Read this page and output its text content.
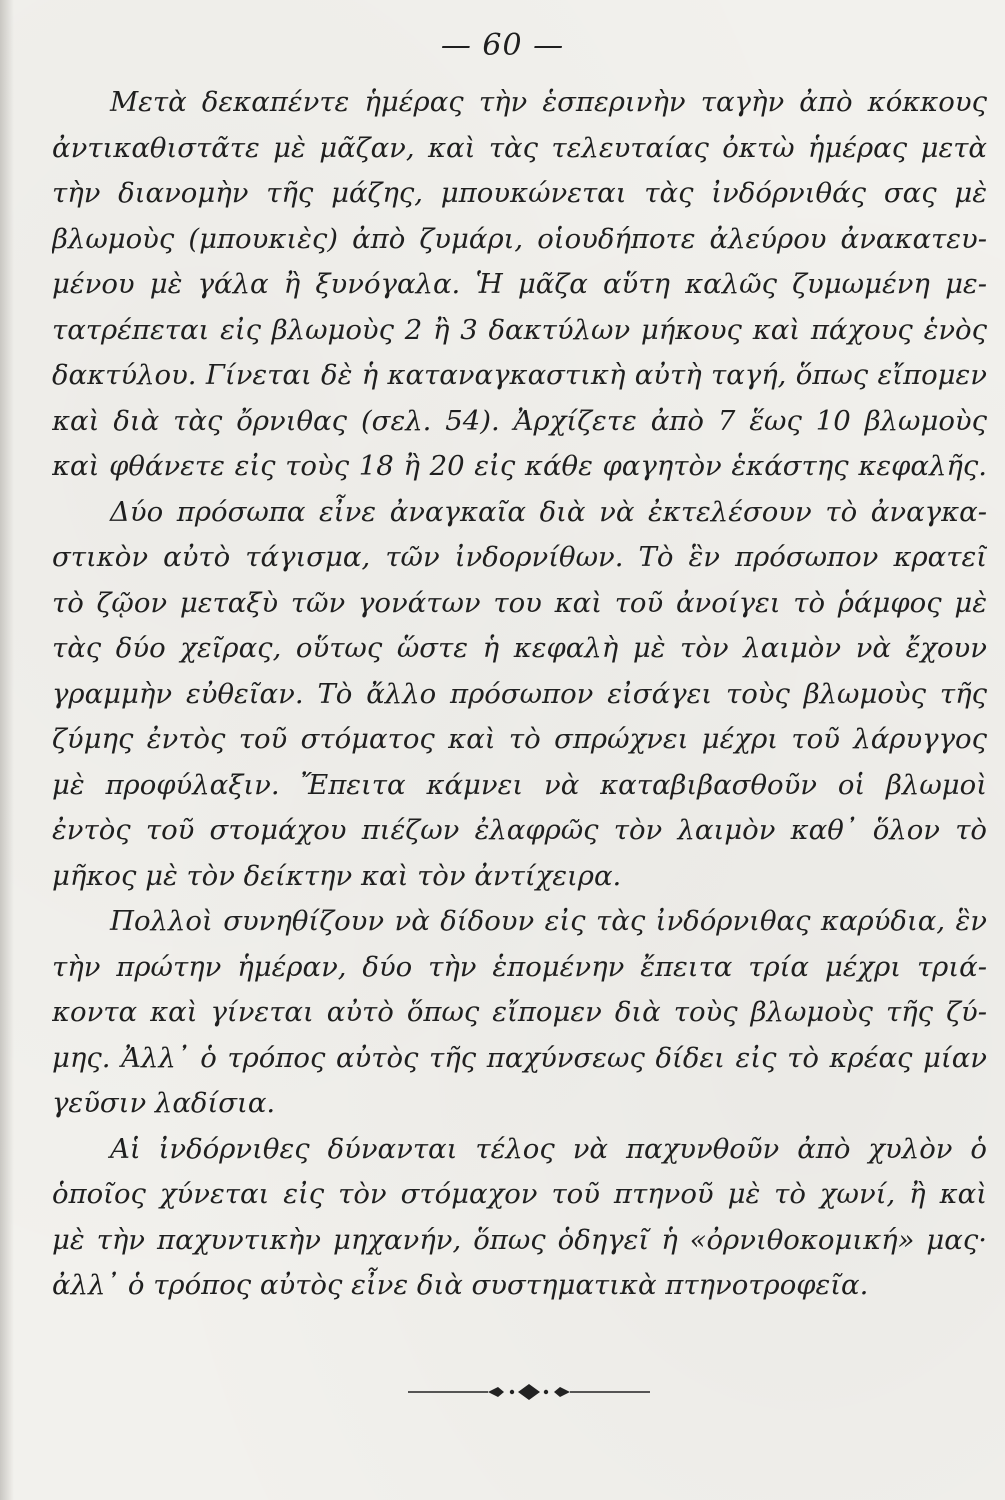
— 60 —
Μετὰ δεκαπέντε ἡμέρας τὴν ἑσπερινὴν ταγὴν ἀπὸ κόκκους
ἀντικαθιστᾶτε μὲ μᾶζαν, καὶ τὰς τελευταίας ὀκτὼ ἡμέρας μετὰ
τὴν διανομὴν τῆς μάζης, μπουκώνεται τὰς ἰνδόρνιθάς σας μὲ
βλωμοὺς (μπουκιὲς) ἀπὸ ζυμάρι, οἱουδήποτε ἀλεύρου ἀνακατευ-
μένου μὲ γάλα ἢ ξυνόγαλα. Ἡ μᾶζα αὕτη καλῶς ζυμωμένη με-
τατρέπεται εἰς βλωμοὺς 2 ἢ 3 δακτύλων μήκους καὶ πάχους ἑνὸς
δακτύλου. Γίνεται δὲ ἡ καταναγκαστικὴ αὐτὴ ταγή, ὅπως εἴπομεν
καὶ διὰ τὰς ὄρνιθας (σελ. 54). Ἀρχίζετε ἀπὸ 7 ἕως 10 βλωμοὺς
καὶ φθάνετε εἰς τοὺς 18 ἢ 20 εἰς κάθε φαγητὸν ἑκάστης κεφαλῆς.
Δύο πρόσωπα εἶνε ἀναγκαῖα διὰ νὰ ἐκτελέσουν τὸ ἀναγκα-
στικὸν αὐτὸ τάγισμα, τῶν ἰνδορνίθων. Τὸ ἓν πρόσωπον κρατεῖ
τὸ ζῷον μεταξὺ τῶν γονάτων του καὶ τοῦ ἀνοίγει τὸ ῥάμφος μὲ
τὰς δύο χεῖρας, οὕτως ὥστε ἡ κεφαλὴ μὲ τὸν λαιμὸν νὰ ἔχουν
γραμμὴν εὐθεῖαν. Τὸ ἄλλο πρόσωπον εἰσάγει τοὺς βλωμοὺς τῆς
ζύμης ἐντὸς τοῦ στόματος καὶ τὸ σπρώχνει μέχρι τοῦ λάρυγγος
μὲ προφύλαξιν. Ἔπειτα κάμνει νὰ καταβιβασθοῦν οἱ βλωμοὶ
ἐντὸς τοῦ στομάχου πιέζων ἐλαφρῶς τὸν λαιμὸν καθ᾽ ὅλον τὸ
μῆκος μὲ τὸν δείκτην καὶ τὸν ἀντίχειρα.
Πολλοὶ συνηθίζουν νὰ δίδουν εἰς τὰς ἰνδόρνιθας καρύδια, ἓν
τὴν πρώτην ἡμέραν, δύο τὴν ἑπομένην ἔπειτα τρία μέχρι τριά-
κοντα καὶ γίνεται αὐτὸ ὅπως εἴπομεν διὰ τοὺς βλωμοὺς τῆς ζύ-
μης. Ἀλλ᾽ ὁ τρόπος αὐτὸς τῆς παχύνσεως δίδει εἰς τὸ κρέας μίαν
γεῦσιν λαδίσια.
Αἱ ἰνδόρνιθες δύνανται τέλος νὰ παχυνθοῦν ἀπὸ χυλὸν ὁ
ὁποῖος χύνεται εἰς τὸν στόμαχον τοῦ πτηνοῦ μὲ τὸ χωνί, ἢ καὶ
μὲ τὴν παχυντικὴν μηχανήν, ὅπως ὁδηγεῖ ἡ «ὀρνιθοκομική» μας·
ἀλλ᾽ ὁ τρόπος αὐτὸς εἶνε διὰ συστηματικὰ πτηνοτροφεῖα.
